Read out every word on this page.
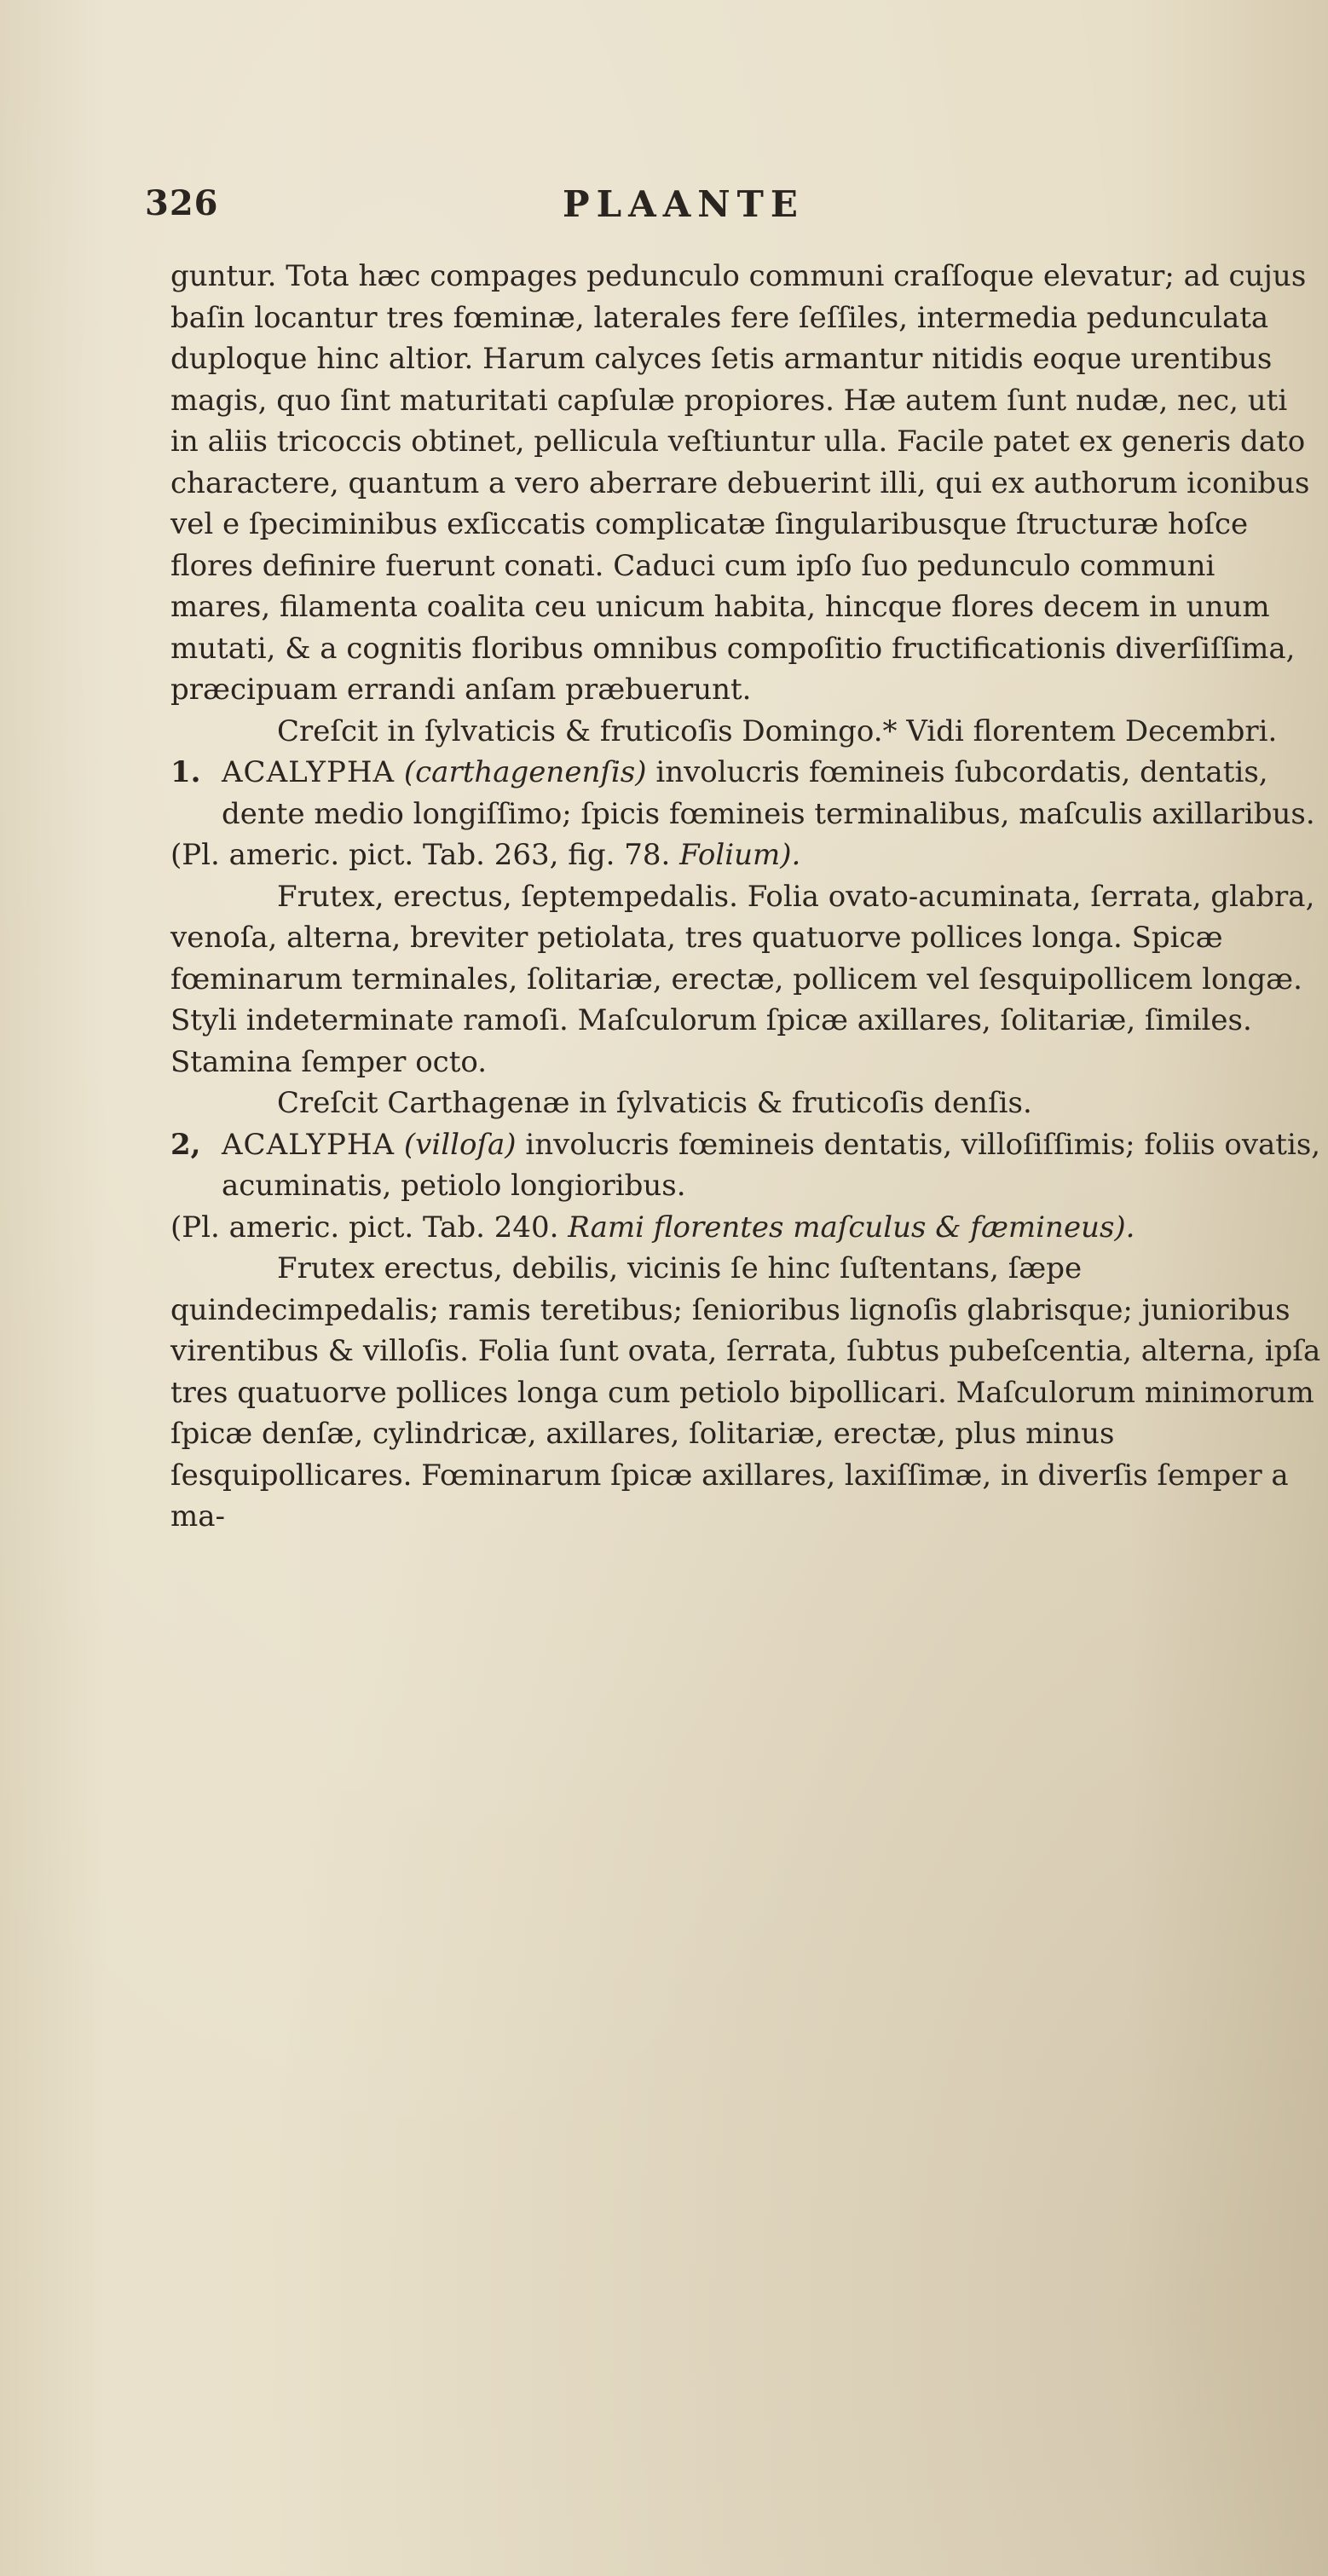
326	PLAANTE

guntur. Tota hæc compages pedunculo communi craſſoque elevatur; ad cujus baſin locantur tres fœminæ, laterales fere ſeſſiles, intermedia pedunculata duploque hinc altior. Harum calyces ſetis armantur nitidis eoque urentibus magis, quo ſint maturitati capſulæ propiores. Hæ autem ſunt nudæ, nec, uti in aliis tricoccis obtinet, pellicula veſtiuntur ulla. Facile patet ex generis dato charactere, quantum a vero aberrare debuerint illi, qui ex authorum iconibus vel e ſpeciminibus exſiccatis complicatæ ſingularibusque ſtructuræ hoſce flores definire fuerunt conati. Caduci cum ipſo ſuo pedunculo communi mares, filamenta coalita ceu unicum habita, hincque flores decem in unum mutati, & a cognitis floribus omnibus compoſitio fructificationis diverſiſſima, præcipuam errandi anſam præbuerunt.

Creſcit in ſylvaticis & fruticoſis Domingo.* Vidi florentem Decembri.

1. ACALYPHA (carthagenenſis) involucris fœmineis ſubcordatis, dentatis, dente medio longiſſimo; ſpicis fœmineis terminalibus, maſculis axillaribus.

(Pl. americ. pict. Tab. 263, fig. 78. Folium).

Frutex, erectus, ſeptempedalis. Folia ovato-acuminata, ſerrata, glabra, venoſa, alterna, breviter petiolata, tres quatuorve pollices longa. Spicæ fœminarum terminales, ſolitariæ, erectæ, pollicem vel ſesquipollicem longæ. Styli indeterminate ramoſi. Maſculorum ſpicæ axillares, ſolitariæ, ſimiles. Stamina ſemper octo.

Creſcit Carthagenæ in ſylvaticis & fruticoſis denſis.

2, ACALYPHA (villoſa) involucris fœmineis dentatis, villoſiſſimis; foliis ovatis, acuminatis, petiolo longioribus.

(Pl. americ. pict. Tab. 240. Rami florentes maſculus & fæmineus).

Frutex erectus, debilis, vicinis ſe hinc ſuſtentans, ſæpe quindecimpedalis; ramis teretibus; ſenioribus lignoſis glabrisque; junioribus virentibus & villoſis. Folia ſunt ovata, ſerrata, ſubtus pubeſcentia, alterna, ipſa tres quatuorve pollices longa cum petiolo bipollicari. Maſculorum minimorum ſpicæ denſæ, cylindricæ, axillares, ſolitariæ, erectæ, plus minus ſesquipollicares. Fœminarum ſpicæ axillares, laxiſſimæ, in diverſis ſemper a ma-
